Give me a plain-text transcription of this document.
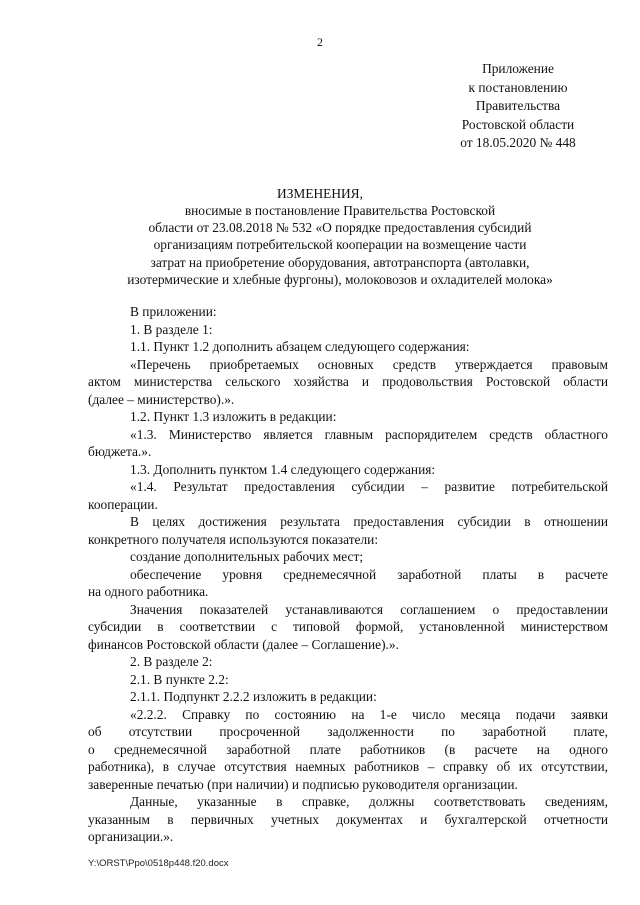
2
Приложение
к постановлению
Правительства
Ростовской области
от 18.05.2020 № 448
ИЗМЕНЕНИЯ,
вносимые в постановление Правительства Ростовской
области от 23.08.2018 № 532 «О порядке предоставления субсидий
организациям потребительской кооперации на возмещение части
затрат на приобретение оборудования, автотранспорта (автолавки,
изотермические и хлебные фургоны), молоковозов и охладителей молока»

В приложении:

1. В разделе 1:

1.1. Пункт 1.2 дополнить абзацем следующего содержания:

«Перечень приобретаемых основных средств утверждается правовым

актом министерства сельского хозяйства и продовольствия Ростовской области

(далее – министерство).».

1.2. Пункт 1.3 изложить в редакции:

«1.3. Министерство является главным распорядителем средств областного

бюджета.».

1.3. Дополнить пунктом 1.4 следующего содержания:

«1.4. Результат предоставления субсидии – развитие потребительской

кооперации.

В целях достижения результата предоставления субсидии в отношении

конкретного получателя используются показатели:

создание дополнительных рабочих мест;

обеспечение уровня среднемесячной заработной платы в расчете

на одного работника.

Значения показателей устанавливаются соглашением о предоставлении

субсидии в соответствии с типовой формой, установленной министерством

финансов Ростовской области (далее – Соглашение).».

2. В разделе 2:

2.1. В пункте 2.2:

2.1.1. Подпункт 2.2.2 изложить в редакции:

«2.2.2. Справку по состоянию на 1-е число месяца подачи заявки

об отсутствии просроченной задолженности по заработной плате,

о среднемесячной заработной плате работников (в расчете на одного

работника), в случае отсутствия наемных работников – справку об их отсутствии,

заверенные печатью (при наличии) и подписью руководителя организации.

Данные, указанные в справке, должны соответствовать сведениям,

указанным в первичных учетных документах и бухгалтерской отчетности

организации.».

Y:\ORST\Ppo\0518p448.f20.docx
